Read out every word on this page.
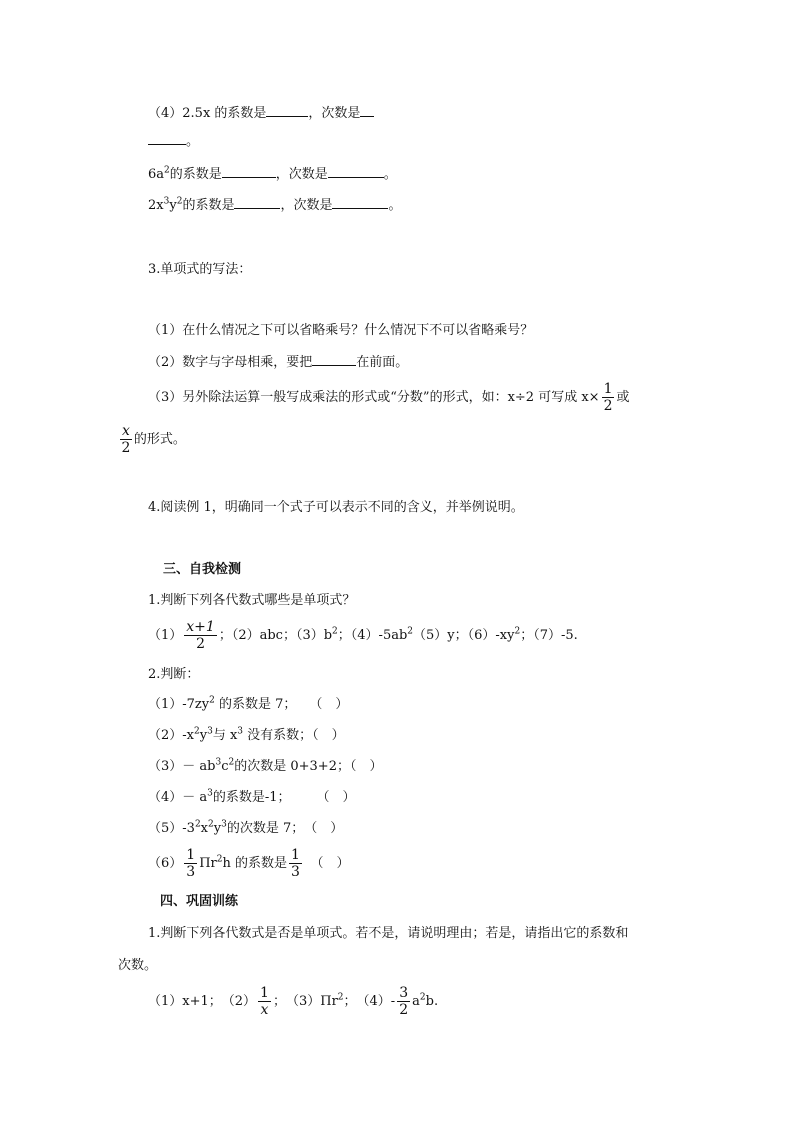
（4）2.5x 的系数是	，次数是
。
$6a^2$的系数是	，次数是	。
$2x^3y^2$的系数是	，次数是	。
3.单项式的写法：
（1）在什么情况之下可以省略乘号？什么情况下不可以省略乘号？
（2）数字与字母相乘，要把	在前面。
（3）另外除法运算一般写成乘法的形式或“分数”的形式，如：x÷2 可写成 $x\times \frac{1}{2}$ 或
$\frac{x}{2}$ 的形式。
4.阅读例 1，明确同一个式子可以表示不同的含义，并举例说明。
三、自我检测
1.判断下列各代数式哪些是单项式？
$(1) \frac{x+1}{2}$ ；（2）abc；$(3)b^2$；$(4)-5ab^2(5)y$；$(6)-xy^2$；（7）-5.
2.判断：
$(1)-7zy^2$ 的系数是 7；　　（　）
$(2)-x^2y^3$与 $x^3$ 没有系数；（　）
$(3)- ab^3c^2$的次数是 0+3+2；（　）
$(4)- a^3$的系数是-1；　　　（　）
$(5)-3^2x^2y^3$的次数是 7；　（　）
$(6) \frac{1}{3} \Pi r^2h$ 的系数是 $\frac{1}{3}$ 　（　）
四、巩固训练
1.判断下列各代数式是否是单项式。若不是，请说明理由；若是，请指出它的系数和
次数。
（1）x+1；　$(2) \frac{1}{x}$ ；　$(3)\Pi r^2$；　$(4)- \frac{3}{2} a^2b$.
